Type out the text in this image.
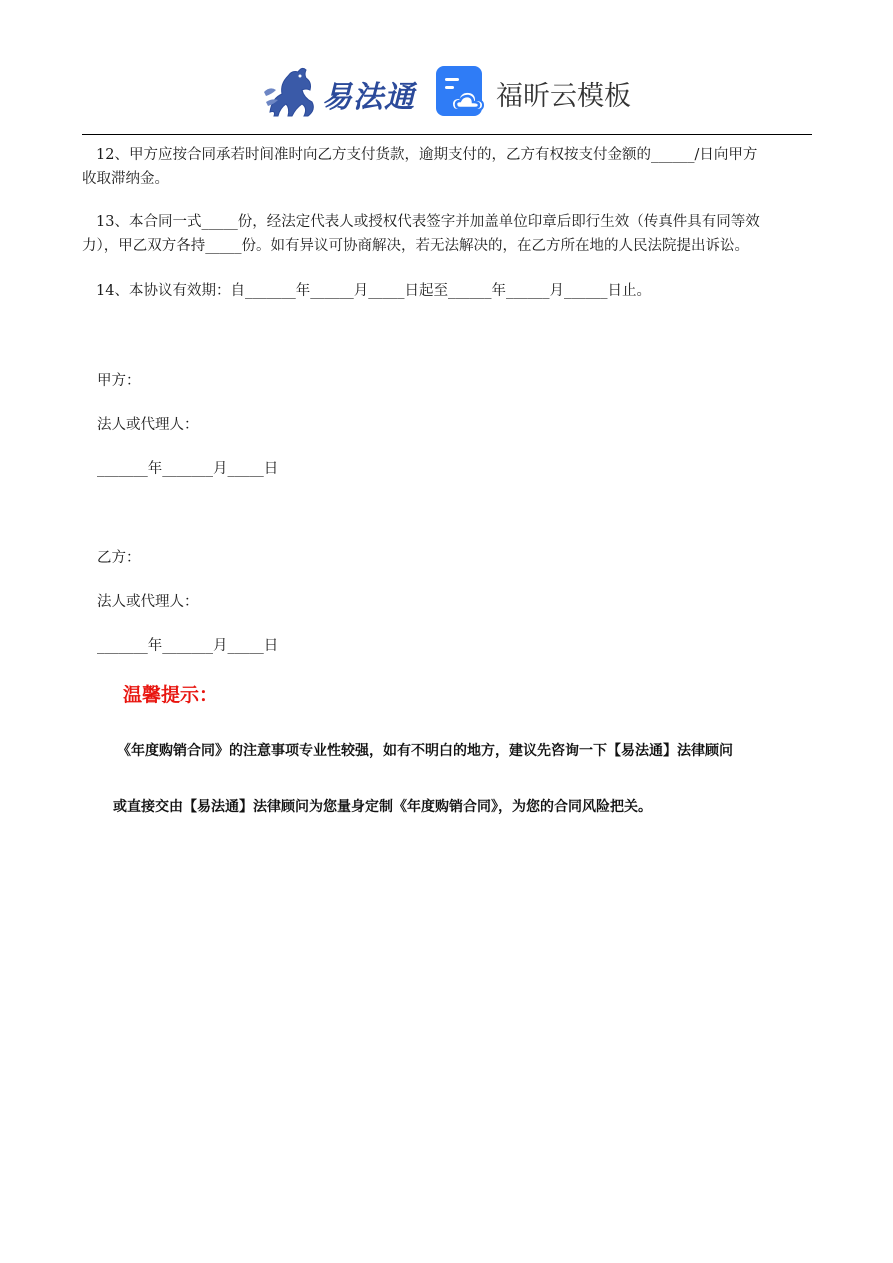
易法通	福昕云模板
12、甲方应按合同承若时间准时向乙方支付货款，逾期支付的，乙方有权按支付金额的______/日向甲方
收取滞纳金。
13、本合同一式_____份，经法定代表人或授权代表签字并加盖单位印章后即行生效（传真件具有同等效
力），甲乙双方各持_____份。如有异议可协商解决，若无法解决的，在乙方所在地的人民法院提出诉讼。
14、本协议有效期：自_______年______月_____日起至______年______月______日止。
甲方：
法人或代理人：
_______年_______月_____日
乙方：
法人或代理人：
_______年_______月_____日
温馨提示：
《年度购销合同》的注意事项专业性较强，如有不明白的地方，建议先咨询一下【易法通】法律顾问
或直接交由【易法通】法律顾问为您量身定制《年度购销合同》，为您的合同风险把关。
